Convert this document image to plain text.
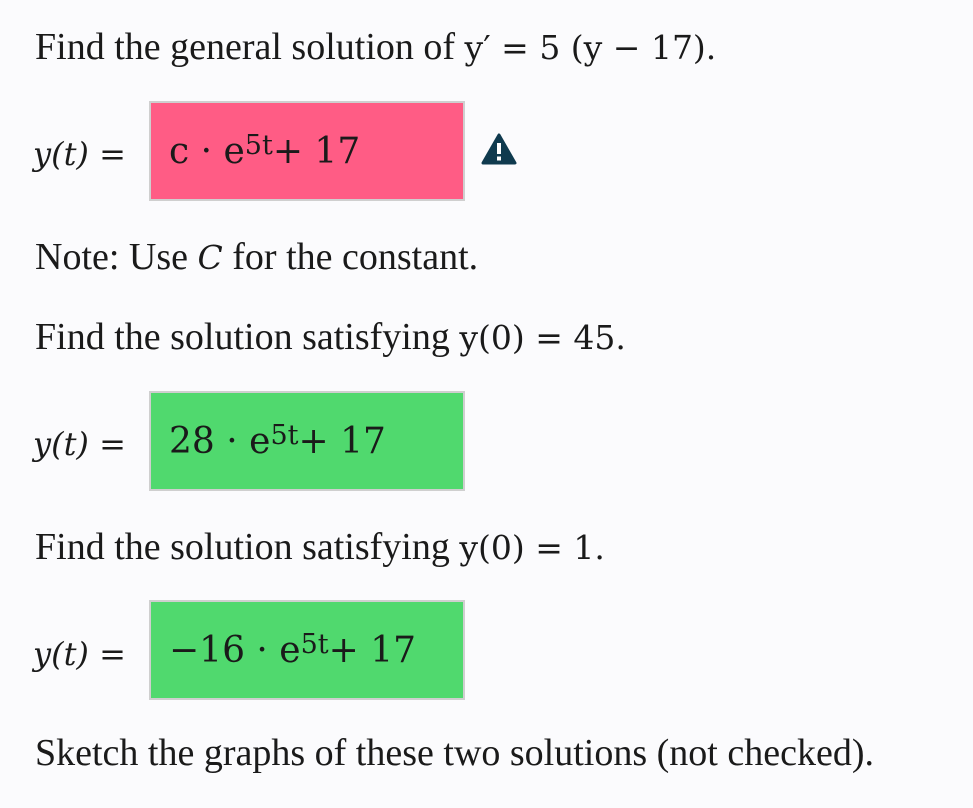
Find the general solution of y′ = 5 (y − 17).
$y(t) = c \cdot e^{5t} + 17$
Note: Use C for the constant.
Find the solution satisfying y(0) = 45.
$y(t) = 28 \cdot e^{5t} + 17$
Find the solution satisfying y(0) = 1.
$y(t) = -16 \cdot e^{5t} + 17$
Sketch the graphs of these two solutions (not checked).
